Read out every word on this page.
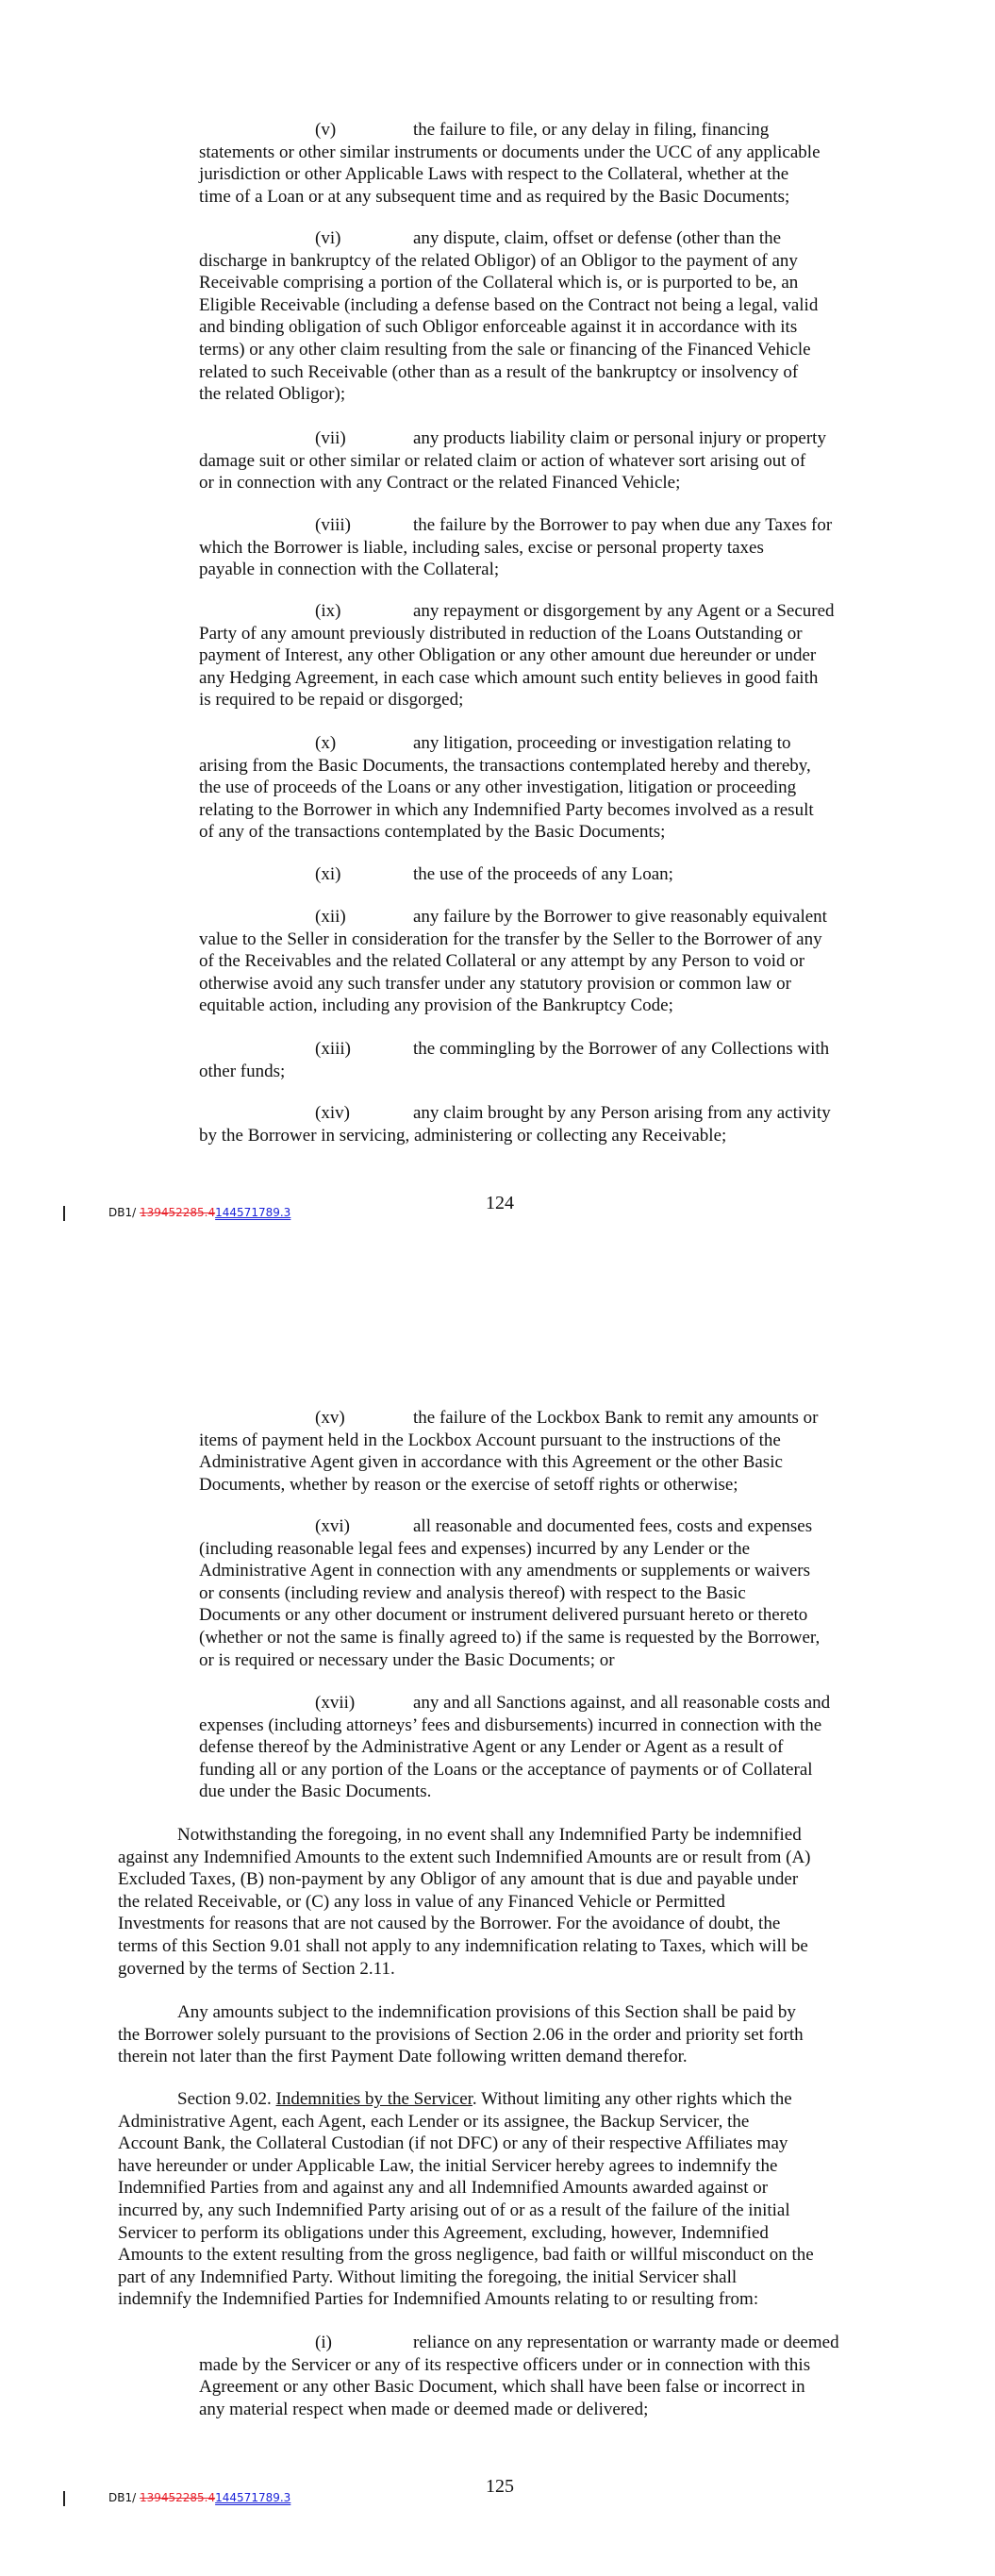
(v)	the failure to file, or any delay in filing, financing
statements or other similar instruments or documents under the UCC of any applicable
jurisdiction or other Applicable Laws with respect to the Collateral, whether at the
time of a Loan or at any subsequent time and as required by the Basic Documents;
(vi)	any dispute, claim, offset or defense (other than the
discharge in bankruptcy of the related Obligor) of an Obligor to the payment of any
Receivable comprising a portion of the Collateral which is, or is purported to be, an
Eligible Receivable (including a defense based on the Contract not being a legal, valid
and binding obligation of such Obligor enforceable against it in accordance with its
terms) or any other claim resulting from the sale or financing of the Financed Vehicle
related to such Receivable (other than as a result of the bankruptcy or insolvency of
the related Obligor);
(vii)	any products liability claim or personal injury or property
damage suit or other similar or related claim or action of whatever sort arising out of
or in connection with any Contract or the related Financed Vehicle;
(viii)	the failure by the Borrower to pay when due any Taxes for
which the Borrower is liable, including sales, excise or personal property taxes
payable in connection with the Collateral;
(ix)	any repayment or disgorgement by any Agent or a Secured
Party of any amount previously distributed in reduction of the Loans Outstanding or
payment of Interest, any other Obligation or any other amount due hereunder or under
any Hedging Agreement, in each case which amount such entity believes in good faith
is required to be repaid or disgorged;
(x)	any litigation, proceeding or investigation relating to
arising from the Basic Documents, the transactions contemplated hereby and thereby,
the use of proceeds of the Loans or any other investigation, litigation or proceeding
relating to the Borrower in which any Indemnified Party becomes involved as a result
of any of the transactions contemplated by the Basic Documents;
(xi)	the use of the proceeds of any Loan;
(xii)	any failure by the Borrower to give reasonably equivalent
value to the Seller in consideration for the transfer by the Seller to the Borrower of any
of the Receivables and the related Collateral or any attempt by any Person to void or
otherwise avoid any such transfer under any statutory provision or common law or
equitable action, including any provision of the Bankruptcy Code;
(xiii)	the commingling by the Borrower of any Collections with
other funds;
(xiv)	any claim brought by any Person arising from any activity
by the Borrower in servicing, administering or collecting any Receivable;
124
DB1/ 139452285.4144571789.3
(xv)	the failure of the Lockbox Bank to remit any amounts or
items of payment held in the Lockbox Account pursuant to the instructions of the
Administrative Agent given in accordance with this Agreement or the other Basic
Documents, whether by reason or the exercise of setoff rights or otherwise;
(xvi)	all reasonable and documented fees, costs and expenses
(including reasonable legal fees and expenses) incurred by any Lender or the
Administrative Agent in connection with any amendments or supplements or waivers
or consents (including review and analysis thereof) with respect to the Basic
Documents or any other document or instrument delivered pursuant hereto or thereto
(whether or not the same is finally agreed to) if the same is requested by the Borrower,
or is required or necessary under the Basic Documents; or
(xvii)	any and all Sanctions against, and all reasonable costs and
expenses (including attorneys’ fees and disbursements) incurred in connection with the
defense thereof by the Administrative Agent or any Lender or Agent as a result of
funding all or any portion of the Loans or the acceptance of payments or of Collateral
due under the Basic Documents.
Notwithstanding the foregoing, in no event shall any Indemnified Party be indemnified
against any Indemnified Amounts to the extent such Indemnified Amounts are or result from (A)
Excluded Taxes, (B) non-payment by any Obligor of any amount that is due and payable under
the related Receivable, or (C) any loss in value of any Financed Vehicle or Permitted
Investments for reasons that are not caused by the Borrower. For the avoidance of doubt, the
terms of this Section 9.01 shall not apply to any indemnification relating to Taxes, which will be
governed by the terms of Section 2.11.
Any amounts subject to the indemnification provisions of this Section shall be paid by
the Borrower solely pursuant to the provisions of Section 2.06 in the order and priority set forth
therein not later than the first Payment Date following written demand therefor.
Section 9.02. Indemnities by the Servicer. Without limiting any other rights which the
Administrative Agent, each Agent, each Lender or its assignee, the Backup Servicer, the
Account Bank, the Collateral Custodian (if not DFC) or any of their respective Affiliates may
have hereunder or under Applicable Law, the initial Servicer hereby agrees to indemnify the
Indemnified Parties from and against any and all Indemnified Amounts awarded against or
incurred by, any such Indemnified Party arising out of or as a result of the failure of the initial
Servicer to perform its obligations under this Agreement, excluding, however, Indemnified
Amounts to the extent resulting from the gross negligence, bad faith or willful misconduct on the
part of any Indemnified Party. Without limiting the foregoing, the initial Servicer shall
indemnify the Indemnified Parties for Indemnified Amounts relating to or resulting from:
(i)	reliance on any representation or warranty made or deemed
made by the Servicer or any of its respective officers under or in connection with this
Agreement or any other Basic Document, which shall have been false or incorrect in
any material respect when made or deemed made or delivered;
125
DB1/ 139452285.4144571789.3
